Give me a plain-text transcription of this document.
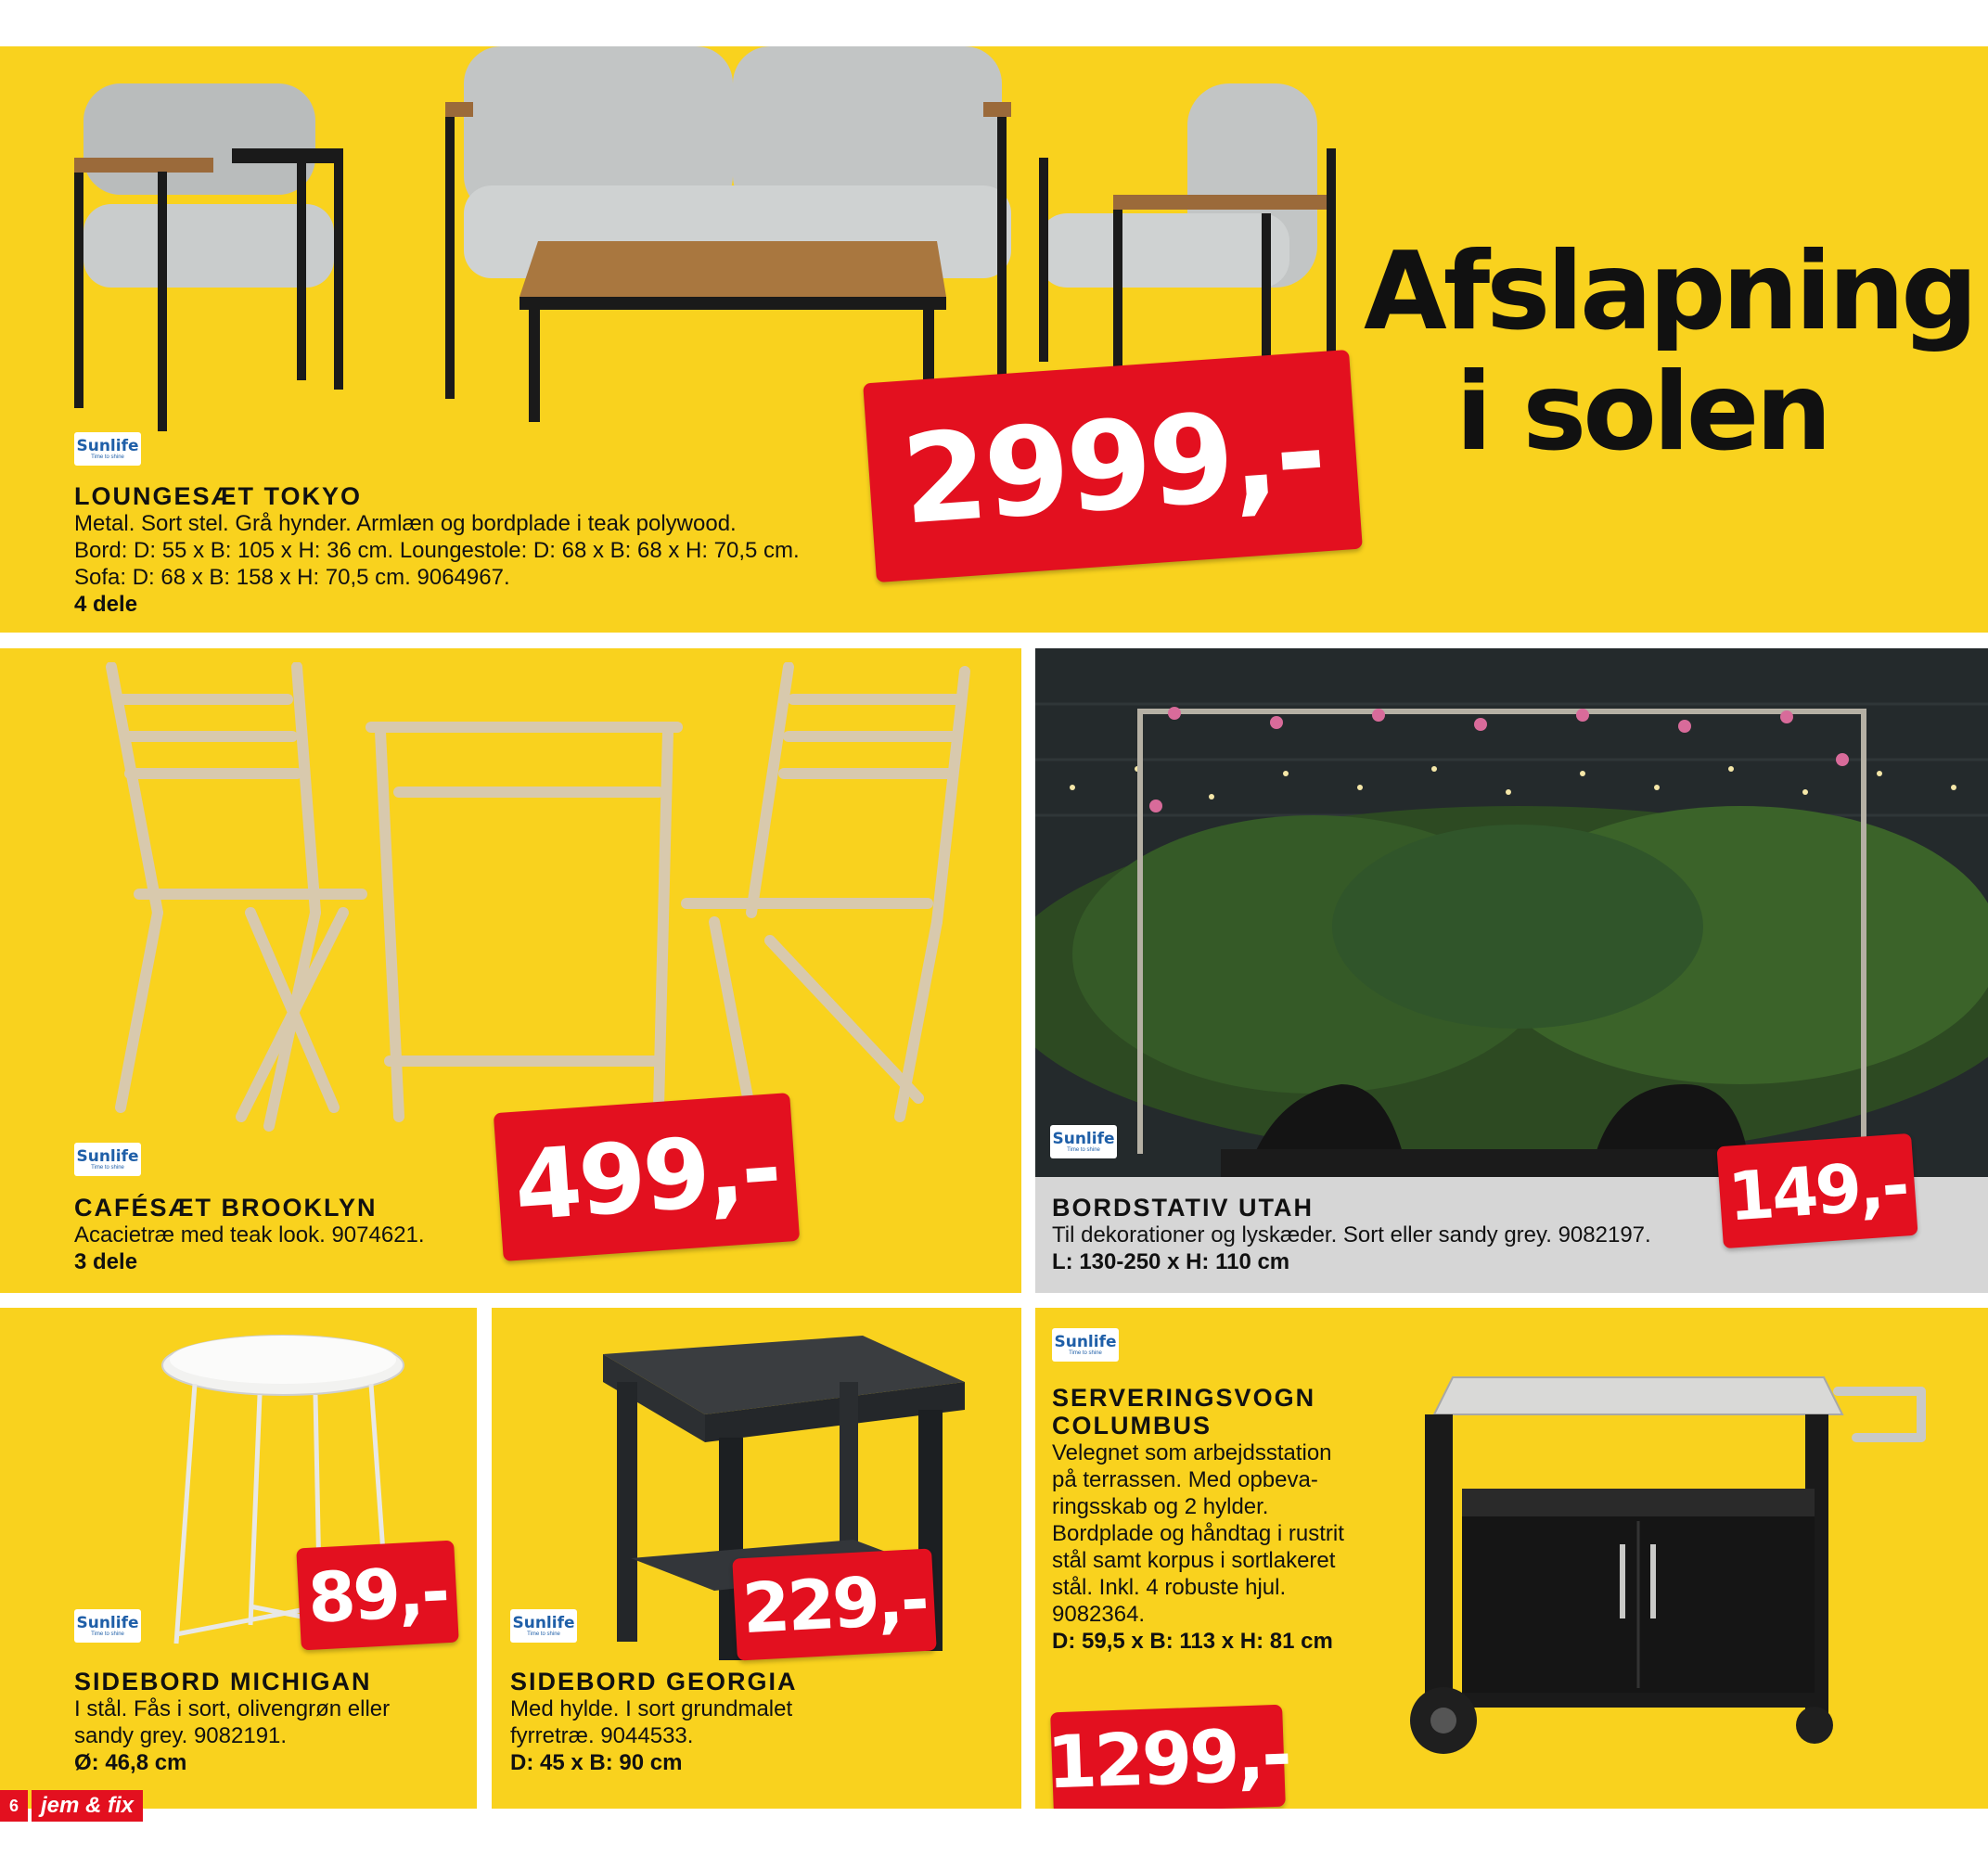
Sunlife
Time to shine

LOUNGESÆT TOKYO

Metal. Sort stel. Grå hynder. Armlæn og bordplade i teak polywood.

Bord: D: 55 x B: 105 x H: 36 cm. Loungestole: D: 68 x B: 68 x H: 70,5 cm.

Sofa: D: 68 x B: 158 x H: 70,5 cm. 9064967.

4 dele

2999,-
Afslapning
i solen
Sunlife
Time to shine

CAFÉSÆT BROOKLYN

Acacietræ med teak look. 9074621.

3 dele

499,-	Sunlife
Time to shine

BORDSTATIV UTAH

Til dekorationer og lyskæder. Sort eller sandy grey. 9082197.

L: 130-250 x H: 110 cm

149,-
Sunlife
Time to shine

SIDEBORD MICHIGAN

I stål. Fås i sort, olivengrøn eller

sandy grey. 9082191.

Ø: 46,8 cm

89,-	Sunlife
Time to shine

SIDEBORD GEORGIA

Med hylde. I sort grundmalet

fyrretræ. 9044533.

D: 45 x B: 90 cm

229,-
Sunlife
Time to shine

SERVERINGSVOGN

COLUMBUS

Velegnet som arbejdsstation

på terrassen. Med opbeva-

ringsskab og 2 hylder.

Bordplade og håndtag i rustrit

stål samt korpus i sortlakeret

stål. Inkl. 4 robuste hjul.

9082364.

D: 59,5 x B: 113 x H: 81 cm

1299,-
6	jem & fix
